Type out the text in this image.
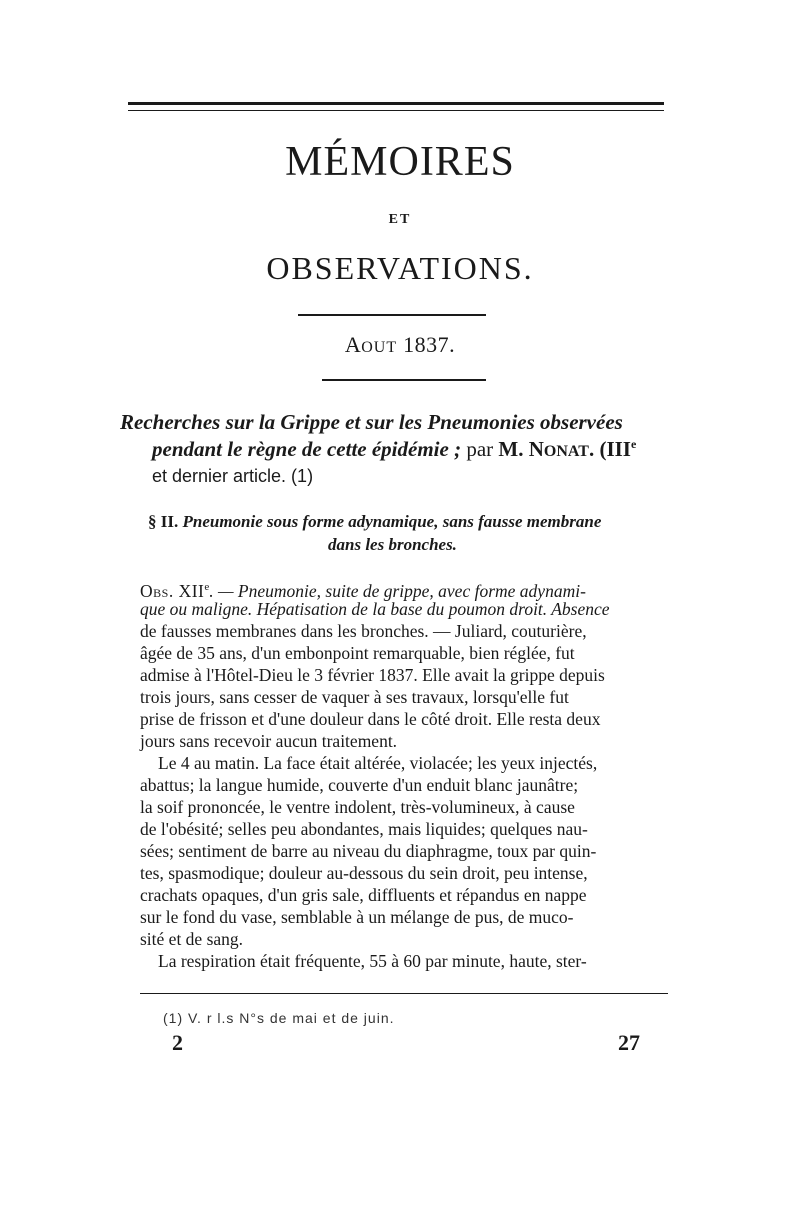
MÉMOIRES
ET
OBSERVATIONS.
AOUT 1837.
Recherches sur la Grippe et sur les Pneumonies observées
pendant le règne de cette épidémie ; par M. NONAT. (IIIe
et dernier article. (1)
§ II. Pneumonie sous forme adynamique, sans fausse membrane
dans les bronches.
Obs. XIIe. — Pneumonie, suite de grippe, avec forme adynami-
que ou maligne. Hépatisation de la base du poumon droit. Absence
de fausses membranes dans les bronches. — Juliard, couturière,
âgée de 35 ans, d'un embonpoint remarquable, bien réglée, fut
admise à l'Hôtel-Dieu le 3 février 1837. Elle avait la grippe depuis
trois jours, sans cesser de vaquer à ses travaux, lorsqu'elle fut
prise de frisson et d'une douleur dans le côté droit. Elle resta deux
jours sans recevoir aucun traitement.
Le 4 au matin. La face était altérée, violacée; les yeux injectés,
abattus; la langue humide, couverte d'un enduit blanc jaunâtre;
la soif prononcée, le ventre indolent, très-volumineux, à cause
de l'obésité; selles peu abondantes, mais liquides; quelques nau-
sées; sentiment de barre au niveau du diaphragme, toux par quin-
tes, spasmodique; douleur au-dessous du sein droit, peu intense,
crachats opaques, d'un gris sale, diffluents et répandus en nappe
sur le fond du vase, semblable à un mélange de pus, de muco-
sité et de sang.
La respiration était fréquente, 55 à 60 par minute, haute, ster-
(1) V. r l.s N°s de mai et de juin.
2	27
